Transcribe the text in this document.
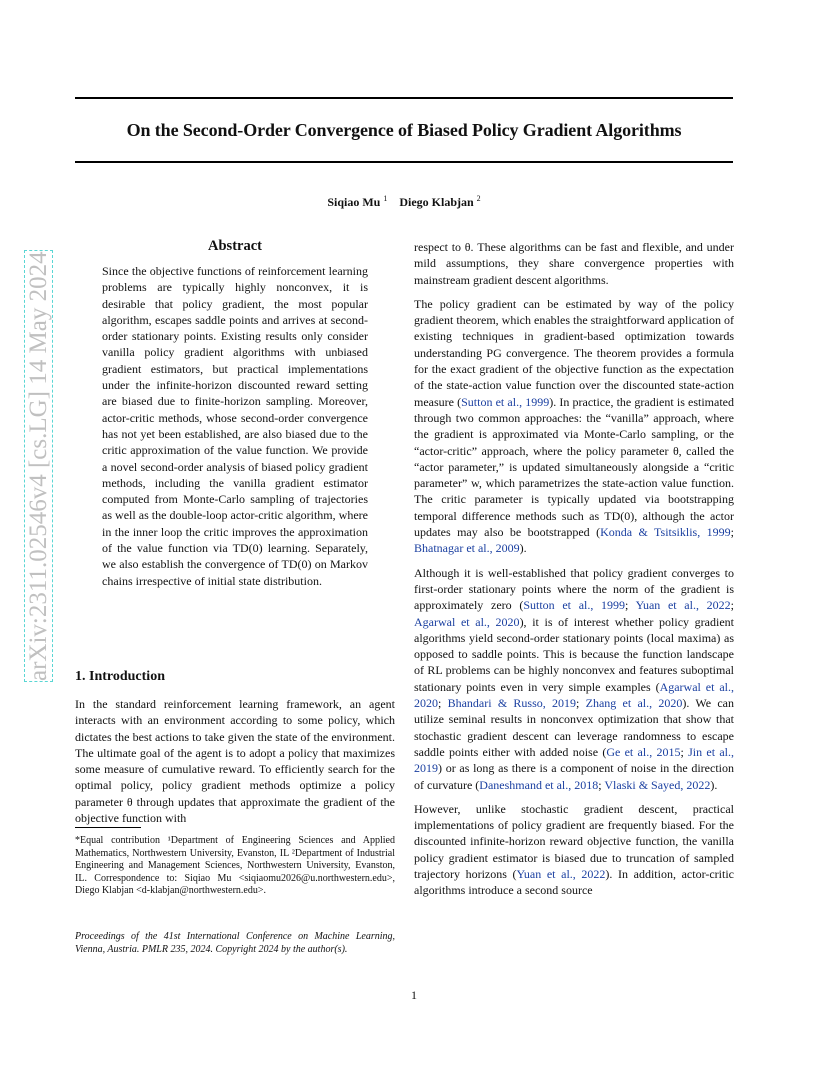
On the Second-Order Convergence of Biased Policy Gradient Algorithms
Siqiao Mu $^1$ Diego Klabjan $^2$
arXiv:2311.02546v4 [cs.LG] 14 May 2024
Abstract
Since the objective functions of reinforcement learning problems are typically highly nonconvex, it is desirable that policy gradient, the most popular algorithm, escapes saddle points and arrives at second-order stationary points. Existing results only consider vanilla policy gradient algorithms with unbiased gradient estimators, but practical implementations under the infinite-horizon discounted reward setting are biased due to finite-horizon sampling. Moreover, actor-critic methods, whose second-order convergence has not yet been established, are also biased due to the critic approximation of the value function. We provide a novel second-order analysis of biased policy gradient methods, including the vanilla gradient estimator computed from Monte-Carlo sampling of trajectories as well as the double-loop actor-critic algorithm, where in the inner loop the critic improves the approximation of the value function via TD(0) learning. Separately, we also establish the convergence of TD(0) on Markov chains irrespective of initial state distribution.
1. Introduction
In the standard reinforcement learning framework, an agent interacts with an environment according to some policy, which dictates the best actions to take given the state of the environment. The ultimate goal of the agent is to adopt a policy that maximizes some measure of cumulative reward. To efficiently search for the optimal policy, policy gradient methods optimize a policy parameter θ through updates that approximate the gradient of the objective function with
*Equal contribution ¹Department of Engineering Sciences and Applied Mathematics, Northwestern University, Evanston, IL ²Department of Industrial Engineering and Management Sciences, Northwestern University, Evanston, IL. Correspondence to: Siqiao Mu <siqiaomu2026@u.northwestern.edu>, Diego Klabjan <d-klabjan@northwestern.edu>.
Proceedings of the 41st International Conference on Machine Learning, Vienna, Austria. PMLR 235, 2024. Copyright 2024 by the author(s).

respect to θ. These algorithms can be fast and flexible, and under mild assumptions, they share convergence properties with mainstream gradient descent algorithms.

The policy gradient can be estimated by way of the policy gradient theorem, which enables the straightforward application of existing techniques in gradient-based optimization towards understanding PG convergence. The theorem provides a formula for the exact gradient of the objective function as the expectation of the state-action value function over the discounted state-action measure (Sutton et al., 1999). In practice, the gradient is estimated through two common approaches: the “vanilla” approach, where the gradient is approximated via Monte-Carlo sampling, or the “actor-critic” approach, where the policy parameter θ, called the “actor parameter,” is updated simultaneously alongside a “critic parameter” w, which parametrizes the state-action value function. The critic parameter is typically updated via bootstrapping temporal difference methods such as TD(0), although the actor updates may also be bootstrapped (Konda & Tsitsiklis, 1999; Bhatnagar et al., 2009).

Although it is well-established that policy gradient converges to first-order stationary points where the norm of the gradient is approximately zero (Sutton et al., 1999; Yuan et al., 2022; Agarwal et al., 2020), it is of interest whether policy gradient algorithms yield second-order stationary points (local maxima) as opposed to saddle points. This is because the function landscape of RL problems can be highly nonconvex and features suboptimal stationary points even in very simple examples (Agarwal et al., 2020; Bhandari & Russo, 2019; Zhang et al., 2020). We can utilize seminal results in nonconvex optimization that show that stochastic gradient descent can leverage randomness to escape saddle points either with added noise (Ge et al., 2015; Jin et al., 2019) or as long as there is a component of noise in the direction of curvature (Daneshmand et al., 2018; Vlaski & Sayed, 2022).

However, unlike stochastic gradient descent, practical implementations of policy gradient are frequently biased. For the discounted infinite-horizon reward objective function, the vanilla policy gradient estimator is biased due to truncation of sampled trajectory horizons (Yuan et al., 2022). In addition, actor-critic algorithms introduce a second source

1
